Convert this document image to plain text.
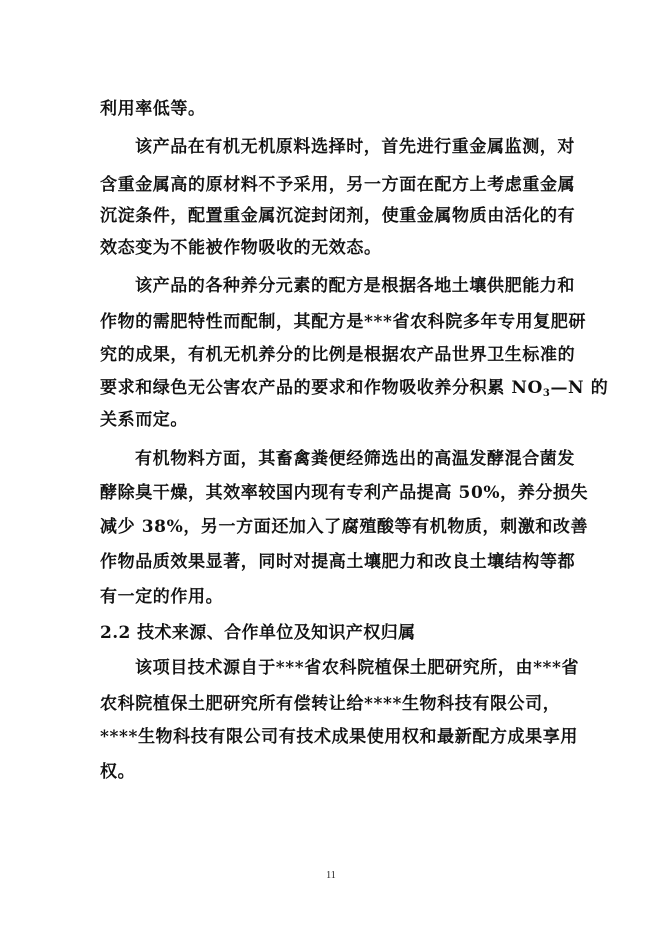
利用率低等。

该产品在有机无机原料选择时，首先进行重金属监测，对

含重金属高的原材料不予采用，另一方面在配方上考虑重金属

沉淀条件，配置重金属沉淀封闭剂，使重金属物质由活化的有

效态变为不能被作物吸收的无效态。

该产品的各种养分元素的配方是根据各地土壤供肥能力和

作物的需肥特性而配制，其配方是***省农科院多年专用复肥研

究的成果，有机无机养分的比例是根据农产品世界卫生标准的

要求和绿色无公害农产品的要求和作物吸收养分积累 $NO_3—N$ 的

关系而定。

有机物料方面，其畜禽粪便经筛选出的高温发酵混合菌发

酵除臭干燥，其效率较国内现有专利产品提高 50%，养分损失

减少 38%，另一方面还加入了腐殖酸等有机物质，刺激和改善

作物品质效果显著，同时对提高土壤肥力和改良土壤结构等都

有一定的作用。

2.2 技术来源、合作单位及知识产权归属

该项目技术源自于***省农科院植保土肥研究所，由***省

农科院植保土肥研究所有偿转让给****生物科技有限公司，

****生物科技有限公司有技术成果使用权和最新配方成果享用

权。

11
